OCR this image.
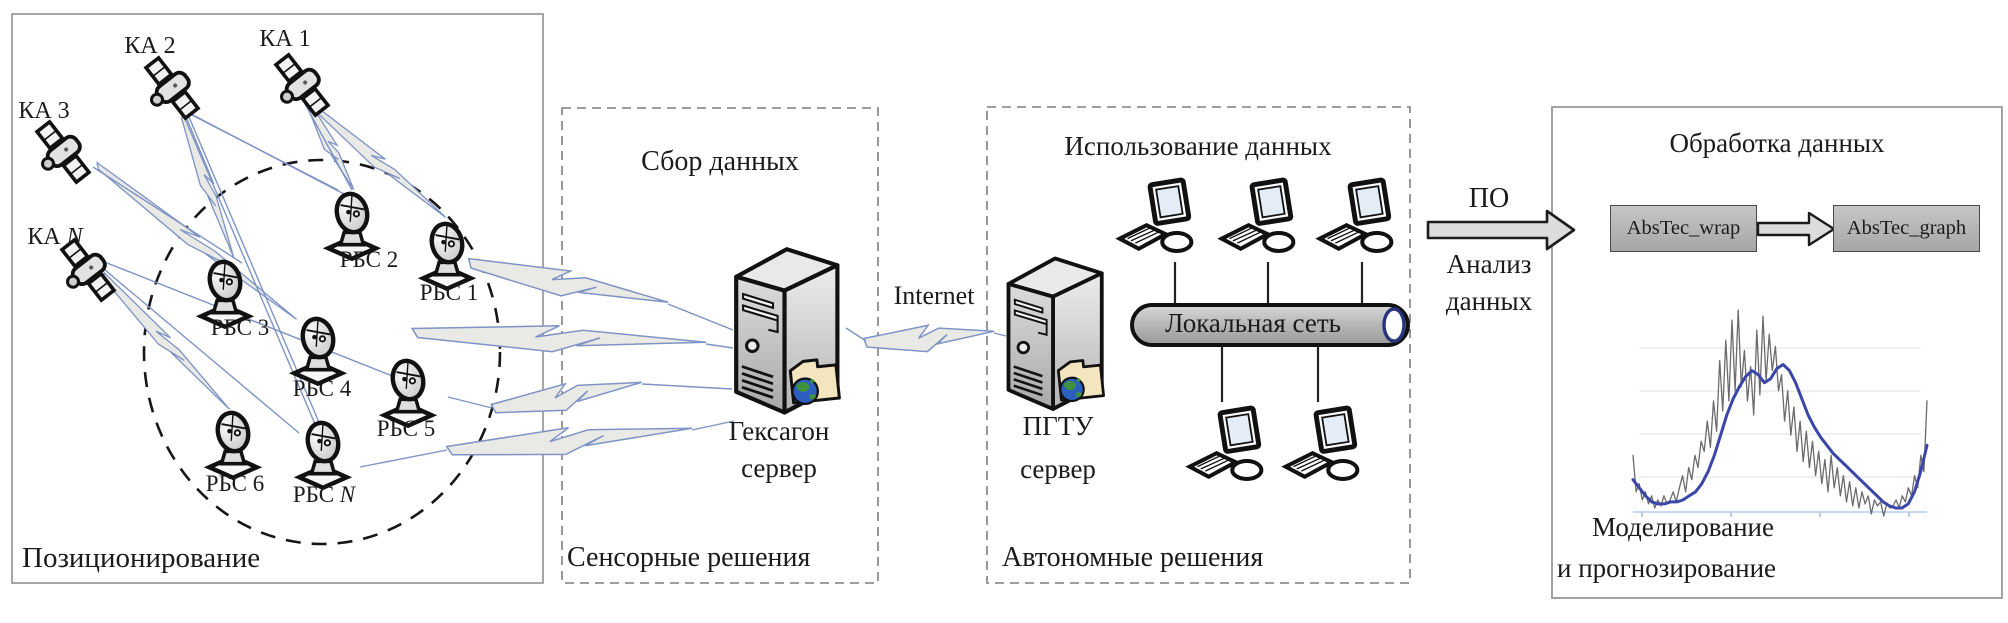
КА 2	КА 1
КА 3
КА N
РБС 2
РБС 1
РБС 3
РБС 4
РБС 5
РБС 6 РБС N
Позиционирование
Сбор данных
Гексагон
сервер
Сенсорные решения
Internet
Использование данных
ПГТУ
сервер
Локальная сеть
Автономные решения
ПО
Анализ
данных
Обработка данных
AbsTec_wrap	AbsTec_graph
Моделирование
и прогнозирование
